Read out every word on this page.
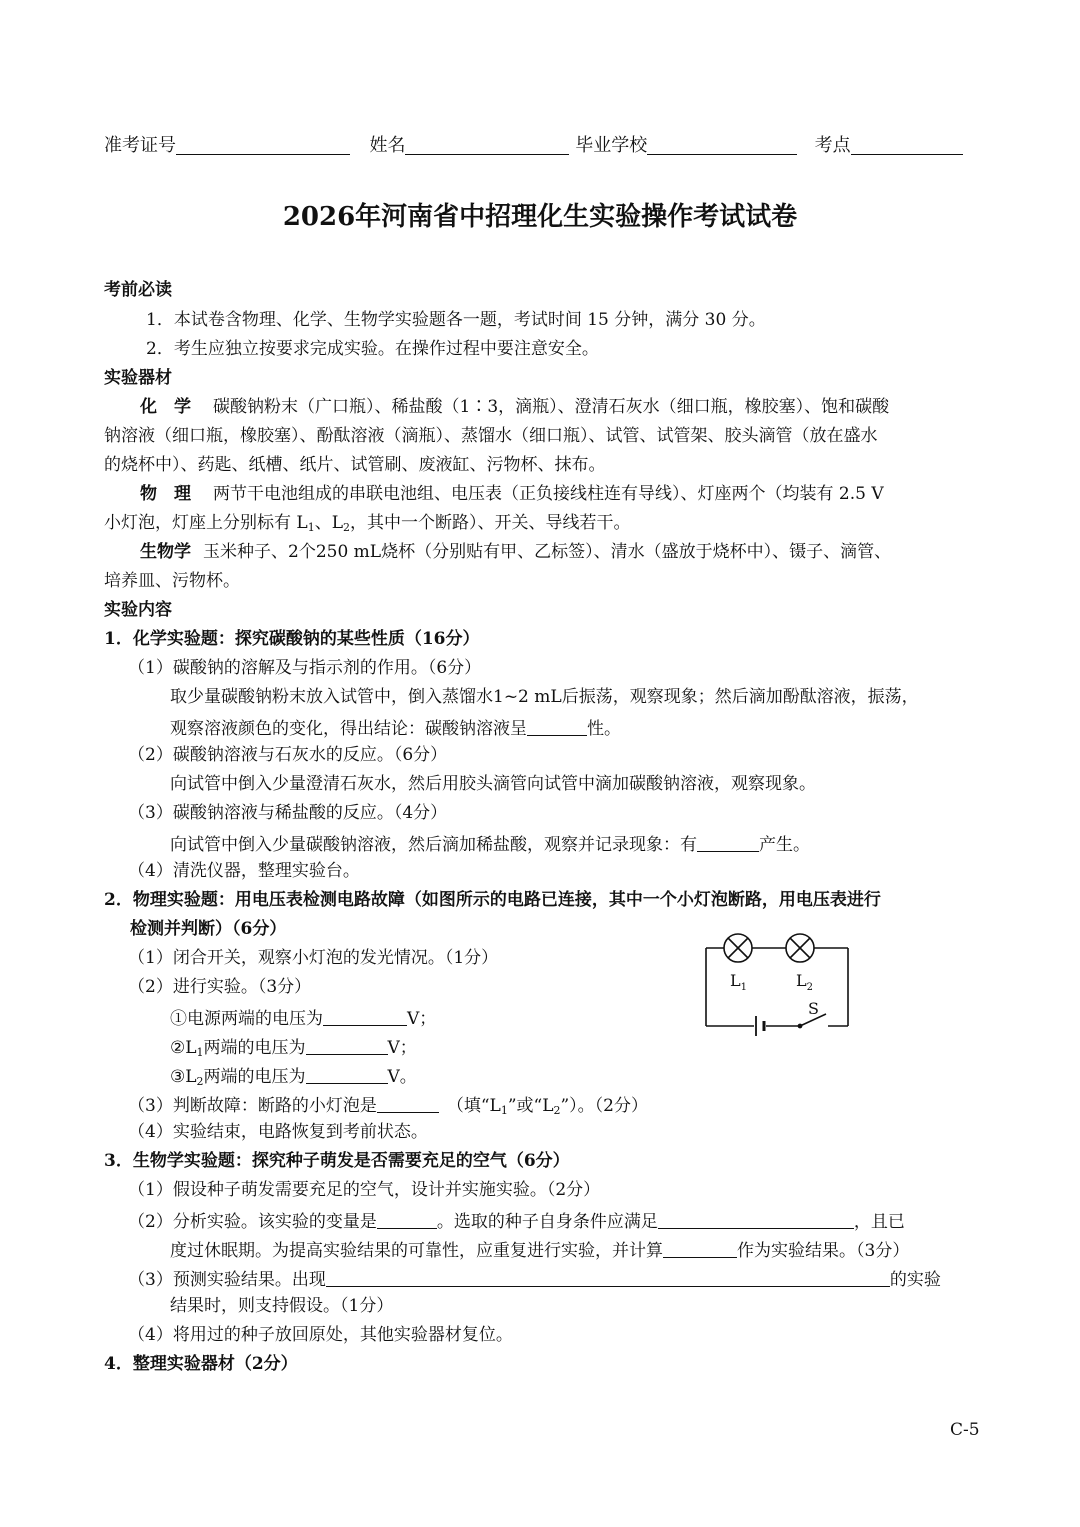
准考证号	姓名	毕业学校	考点
2026年河南省中招理化生实验操作考试试卷
考前必读
1．本试卷含物理、化学、生物学实验题各一题，考试时间 15 分钟，满分 30 分。
2．考生应独立按要求完成实验。在操作过程中要注意安全。
实验器材
化　学 碳酸钠粉末（广口瓶）、稀盐酸（1∶3，滴瓶）、澄清石灰水（细口瓶，橡胶塞）、饱和碳酸
钠溶液（细口瓶，橡胶塞）、酚酞溶液（滴瓶）、蒸馏水（细口瓶）、试管、试管架、胶头滴管（放在盛水
的烧杯中）、药匙、纸槽、纸片、试管刷、废液缸、污物杯、抹布。
物　理 两节干电池组成的串联电池组、电压表（正负接线柱连有导线）、灯座两个（均装有 2.5 V
小灯泡，灯座上分别标有 $L_1$、$L_2$，其中一个断路）、开关、导线若干。
生物学 玉米种子、2个250 mL烧杯（分别贴有甲、乙标签）、清水（盛放于烧杯中）、镊子、滴管、
培养皿、污物杯。
实验内容
1．化学实验题：探究碳酸钠的某些性质（16分）
（1）碳酸钠的溶解及与指示剂的作用。（6分）
取少量碳酸钠粉末放入试管中，倒入蒸馏水1~2 mL后振荡，观察现象；然后滴加酚酞溶液，振荡，
观察溶液颜色的变化，得出结论：碳酸钠溶液呈	性。
（2）碳酸钠溶液与石灰水的反应。（6分）
向试管中倒入少量澄清石灰水，然后用胶头滴管向试管中滴加碳酸钠溶液，观察现象。
（3）碳酸钠溶液与稀盐酸的反应。（4分）
向试管中倒入少量碳酸钠溶液，然后滴加稀盐酸，观察并记录现象：有	产生。
（4）清洗仪器，整理实验台。
2．物理实验题：用电压表检测电路故障（如图所示的电路已连接，其中一个小灯泡断路，用电压表进行
检测并判断）（6分）
（1）闭合开关，观察小灯泡的发光情况。（1分）
（2）进行实验。（3分）
①电源两端的电压为	V；
$②L_1$两端的电压为	V；
$③L_2$两端的电压为	V。
（3）判断故障：断路的小灯泡是	（填“$L_1$”或“$L_2$”）。（2分）
（4）实验结束，电路恢复到考前状态。
$L_1$	$L_2$
S
3．生物学实验题：探究种子萌发是否需要充足的空气（6分）
（1）假设种子萌发需要充足的空气，设计并实施实验。（2分）
（2）分析实验。该实验的变量是	。选取的种子自身条件应满足	，且已
度过休眠期。为提高实验结果的可靠性，应重复进行实验，并计算	作为实验结果。（3分）
（3）预测实验结果。出现	的实验
结果时，则支持假设。（1分）
（4）将用过的种子放回原处，其他实验器材复位。
4．整理实验器材（2分）
C-5
